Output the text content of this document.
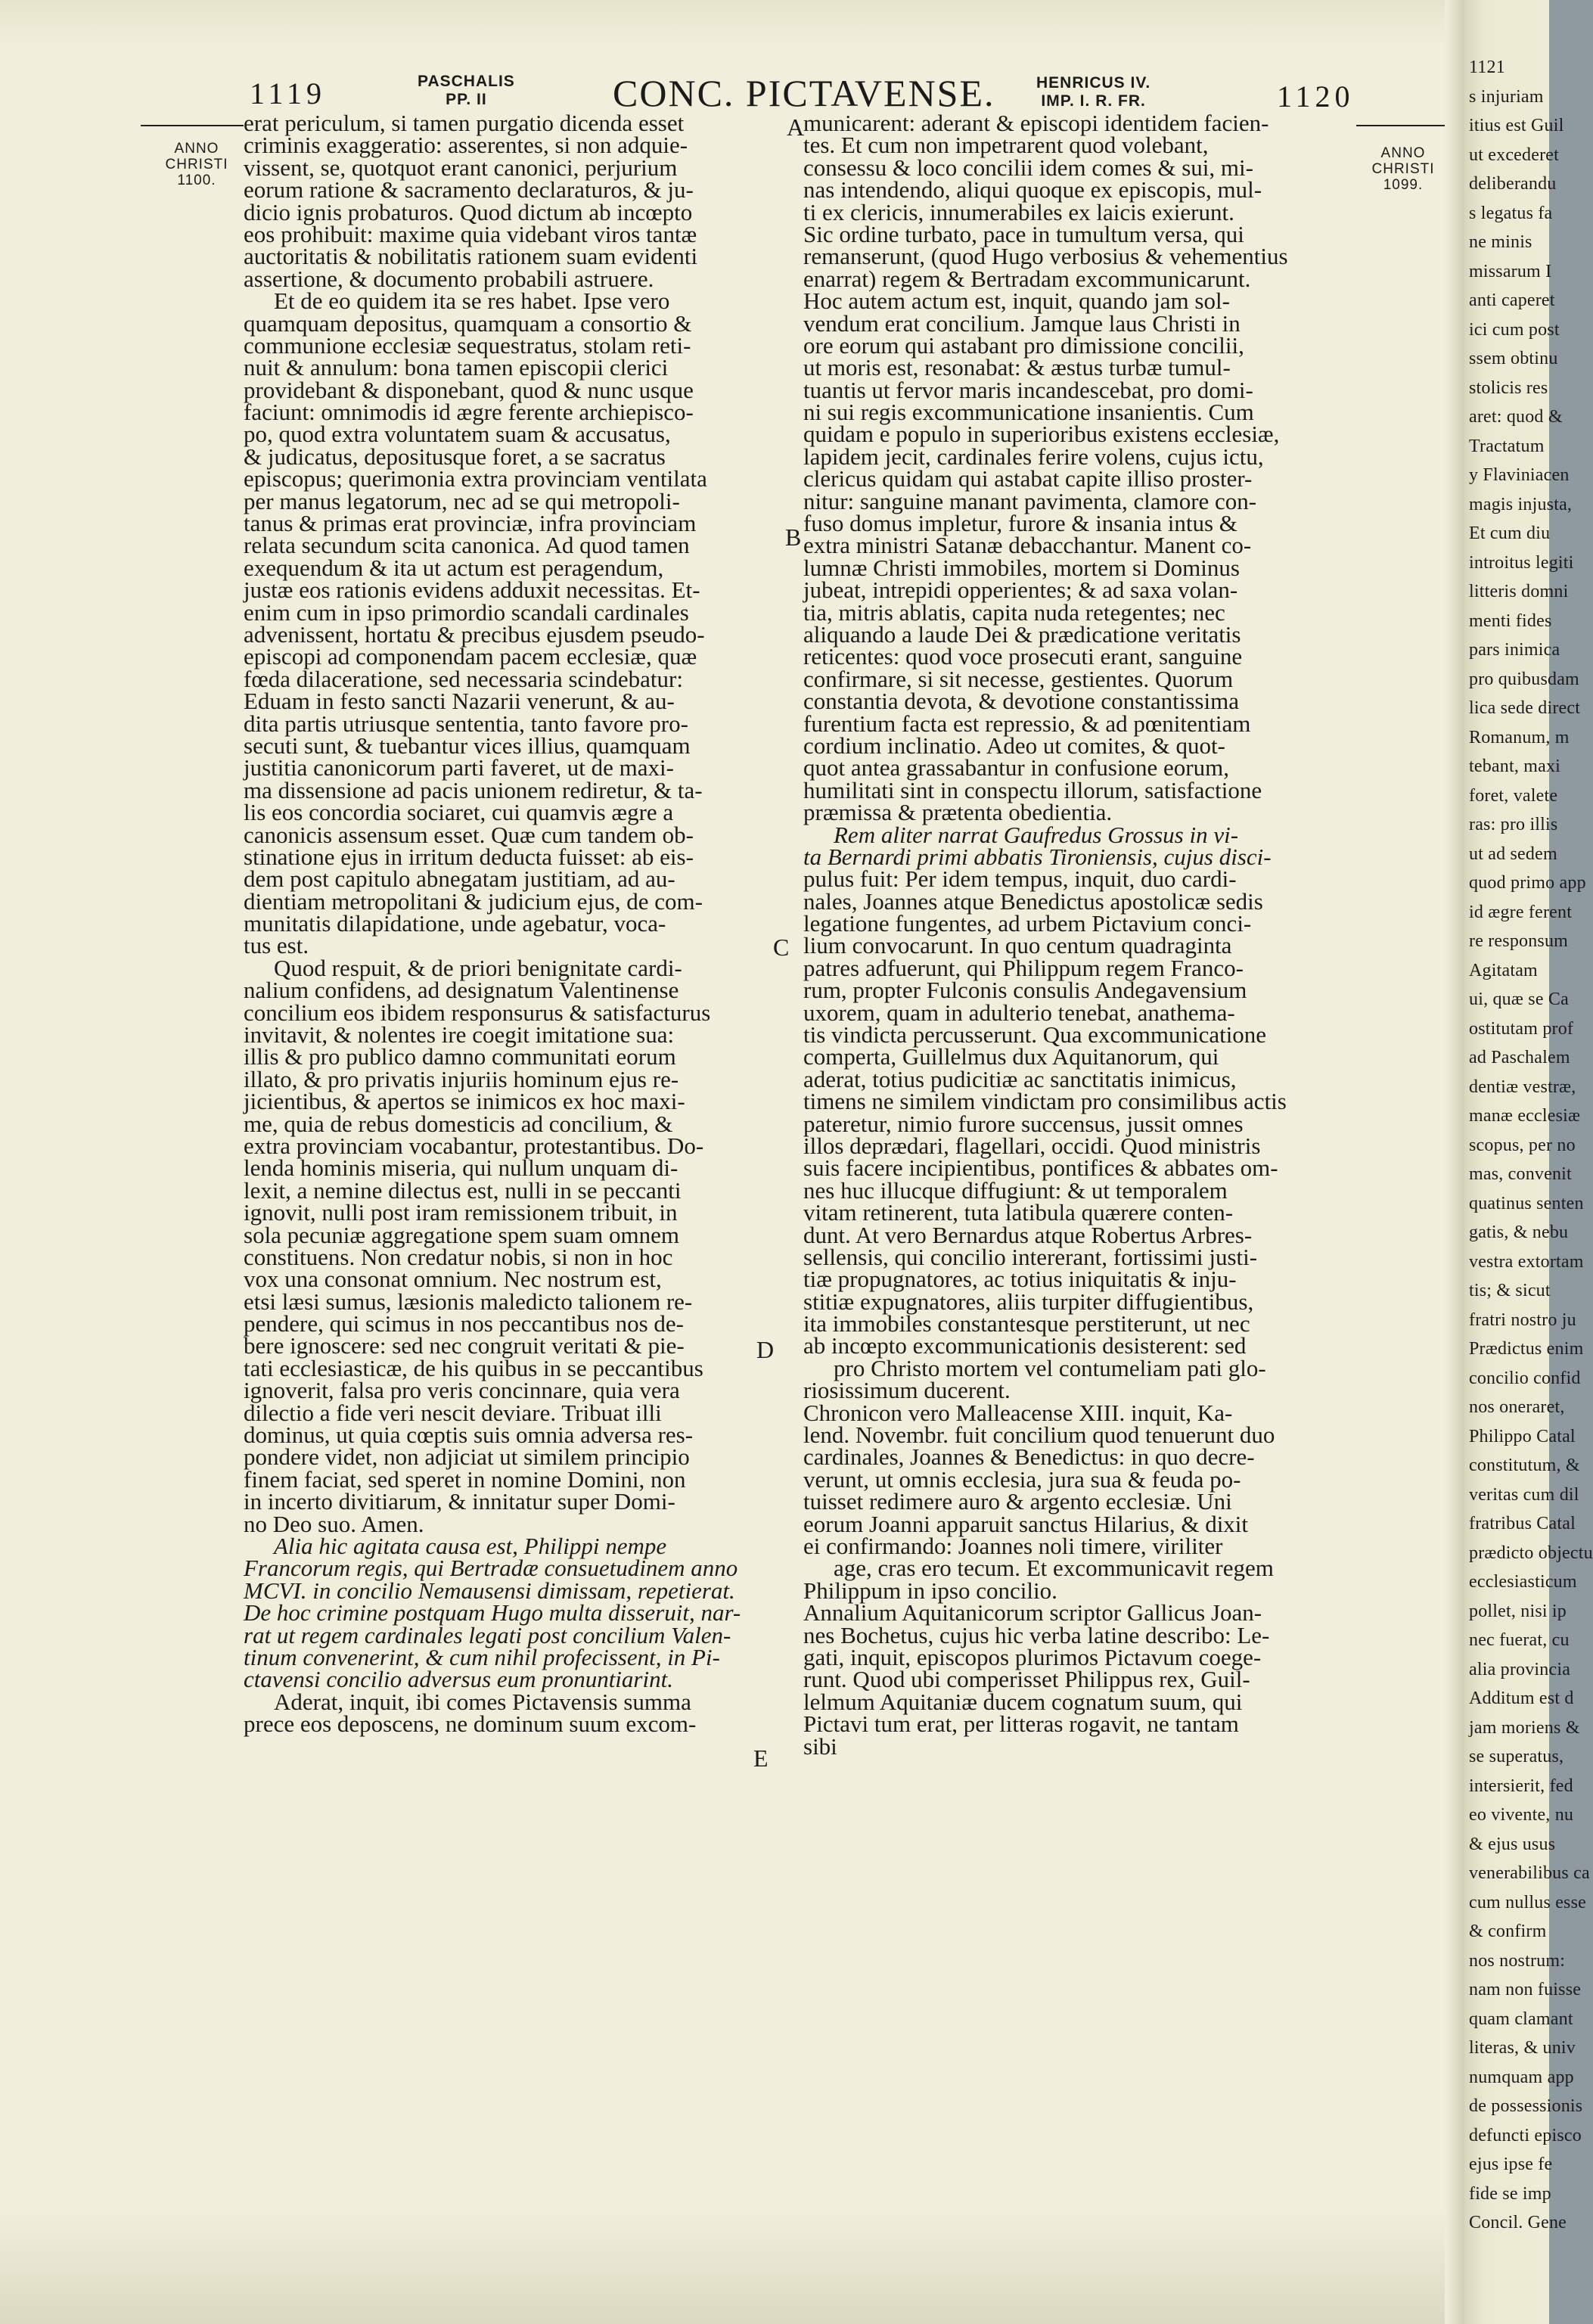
1119	PASCHALIS
PP. II	CONC. PICTAVENSE.	HENRICUS IV.
IMP. I. R. FR.	1120
ANNO
CHRISTI
1100.
ANNO
CHRISTI
1099.
A
B
C
D
E
erat periculum, si tamen purgatio dicenda esset
criminis exaggeratio: asserentes, si non adquie-
vissent, se, quotquot erant canonici, perjurium
eorum ratione & sacramento declaraturos, & ju-
dicio ignis probaturos. Quod dictum ab incœpto
eos prohibuit: maxime quia videbant viros tantæ
auctoritatis & nobilitatis rationem suam evidenti
assertione, & documento probabili astruere.
Et de eo quidem ita se res habet. Ipse vero
quamquam depositus, quamquam a consortio &
communione ecclesiæ sequestratus, stolam reti-
nuit & annulum: bona tamen episcopii clerici
providebant & disponebant, quod & nunc usque
faciunt: omnimodis id ægre ferente archiepisco-
po, quod extra voluntatem suam & accusatus,
& judicatus, depositusque foret, a se sacratus
episcopus; querimonia extra provinciam ventilata
per manus legatorum, nec ad se qui metropoli-
tanus & primas erat provinciæ, infra provinciam
relata secundum scita canonica. Ad quod tamen
exequendum & ita ut actum est peragendum,
justæ eos rationis evidens adduxit necessitas. Et-
enim cum in ipso primordio scandali cardinales
advenissent, hortatu & precibus ejusdem pseudo-
episcopi ad componendam pacem ecclesiæ, quæ
fœda dilaceratione, sed necessaria scindebatur:
Eduam in festo sancti Nazarii venerunt, & au-
dita partis utriusque sententia, tanto favore pro-
secuti sunt, & tuebantur vices illius, quamquam
justitia canonicorum parti faveret, ut de maxi-
ma dissensione ad pacis unionem rediretur, & ta-
lis eos concordia sociaret, cui quamvis ægre a
canonicis assensum esset. Quæ cum tandem ob-
stinatione ejus in irritum deducta fuisset: ab eis-
dem post capitulo abnegatam justitiam, ad au-
dientiam metropolitani & judicium ejus, de com-
munitatis dilapidatione, unde agebatur, voca-
tus est.
Quod respuit, & de priori benignitate cardi-
nalium confidens, ad designatum Valentinense
concilium eos ibidem responsurus & satisfacturus
invitavit, & nolentes ire coegit imitatione sua:
illis & pro publico damno communitati eorum
illato, & pro privatis injuriis hominum ejus re-
jicientibus, & apertos se inimicos ex hoc maxi-
me, quia de rebus domesticis ad concilium, &
extra provinciam vocabantur, protestantibus. Do-
lenda hominis miseria, qui nullum unquam di-
lexit, a nemine dilectus est, nulli in se peccanti
ignovit, nulli post iram remissionem tribuit, in
sola pecuniæ aggregatione spem suam omnem
constituens. Non credatur nobis, si non in hoc
vox una consonat omnium. Nec nostrum est,
etsi læsi sumus, læsionis maledicto talionem re-
pendere, qui scimus in nos peccantibus nos de-
bere ignoscere: sed nec congruit veritati & pie-
tati ecclesiasticæ, de his quibus in se peccantibus
ignoverit, falsa pro veris concinnare, quia vera
dilectio a fide veri nescit deviare. Tribuat illi
dominus, ut quia cœptis suis omnia adversa res-
pondere videt, non adjiciat ut similem principio
finem faciat, sed speret in nomine Domini, non
in incerto divitiarum, & innitatur super Domi-
no Deo suo. Amen.
Alia hic agitata causa est, Philippi nempe
Francorum regis, qui Bertradæ consuetudinem anno
MCVI. in concilio Nemausensi dimissam, repetierat.
De hoc crimine postquam Hugo multa disseruit, nar-
rat ut regem cardinales legati post concilium Valen-
tinum convenerint, & cum nihil profecissent, in Pi-
ctavensi concilio adversus eum pronuntiarint.
Aderat, inquit, ibi comes Pictavensis summa
prece eos deposcens, ne dominum suum excom-
municarent: aderant & episcopi identidem facien-
tes. Et cum non impetrarent quod volebant,
consessu & loco concilii idem comes & sui, mi-
nas intendendo, aliqui quoque ex episcopis, mul-
ti ex clericis, innumerabiles ex laicis exierunt.
Sic ordine turbato, pace in tumultum versa, qui
remanserunt, (quod Hugo verbosius & vehementius
enarrat) regem & Bertradam excommunicarunt.
Hoc autem actum est, inquit, quando jam sol-
vendum erat concilium. Jamque laus Christi in
ore eorum qui astabant pro dimissione concilii,
ut moris est, resonabat: & æstus turbæ tumul-
tuantis ut fervor maris incandescebat, pro domi-
ni sui regis excommunicatione insanientis. Cum
quidam e populo in superioribus existens ecclesiæ,
lapidem jecit, cardinales ferire volens, cujus ictu,
clericus quidam qui astabat capite illiso proster-
nitur: sanguine manant pavimenta, clamore con-
fuso domus impletur, furore & insania intus &
extra ministri Satanæ debacchantur. Manent co-
lumnæ Christi immobiles, mortem si Dominus
jubeat, intrepidi opperientes; & ad saxa volan-
tia, mitris ablatis, capita nuda retegentes; nec
aliquando a laude Dei & prædicatione veritatis
reticentes: quod voce prosecuti erant, sanguine
confirmare, si sit necesse, gestientes. Quorum
constantia devota, & devotione constantissima
furentium facta est repressio, & ad pœnitentiam
cordium inclinatio. Adeo ut comites, & quot-
quot antea grassabantur in confusione eorum,
humilitati sint in conspectu illorum, satisfactione
præmissa & prætenta obedientia.
Rem aliter narrat Gaufredus Grossus in vi-
ta Bernardi primi abbatis Tironiensis, cujus disci-
pulus fuit: Per idem tempus, inquit, duo cardi-
nales, Joannes atque Benedictus apostolicæ sedis
legatione fungentes, ad urbem Pictavium conci-
lium convocarunt. In quo centum quadraginta
patres adfuerunt, qui Philippum regem Franco-
rum, propter Fulconis consulis Andegavensium
uxorem, quam in adulterio tenebat, anathema-
tis vindicta percusserunt. Qua excommunicatione
comperta, Guillelmus dux Aquitanorum, qui
aderat, totius pudicitiæ ac sanctitatis inimicus,
timens ne similem vindictam pro consimilibus actis
pateretur, nimio furore succensus, jussit omnes
illos deprædari, flagellari, occidi. Quod ministris
suis facere incipientibus, pontifices & abbates om-
nes huc illucque diffugiunt: & ut temporalem
vitam retinerent, tuta latibula quærere conten-
dunt. At vero Bernardus atque Robertus Arbres-
sellensis, qui concilio intererant, fortissimi justi-
tiæ propugnatores, ac totius iniquitatis & inju-
stitiæ expugnatores, aliis turpiter diffugientibus,
ita immobiles constantesque perstiterunt, ut nec
ab incœpto excommunicationis desisterent: sed
pro Christo mortem vel contumeliam pati glo-
riosissimum ducerent.
Chronicon vero Malleacense XIII. inquit, Ka-
lend. Novembr. fuit concilium quod tenuerunt duo
cardinales, Joannes & Benedictus: in quo decre-
verunt, ut omnis ecclesia, jura sua & feuda po-
tuisset redimere auro & argento ecclesiæ. Uni
eorum Joanni apparuit sanctus Hilarius, & dixit
ei confirmando: Joannes noli timere, viriliter
age, cras ero tecum. Et excommunicavit regem
Philippum in ipso concilio.
Annalium Aquitanicorum scriptor Gallicus Joan-
nes Bochetus, cujus hic verba latine describo: Le-
gati, inquit, episcopos plurimos Pictavum coege-
runt. Quod ubi comperisset Philippus rex, Guil-
lelmum Aquitaniæ ducem cognatum suum, qui
Pictavi tum erat, per litteras rogavit, ne tantam
sibi
1121
s injuriam
itius est Guil
ut excederet
deliberandu
s legatus fa
ne minis
missarum I
anti caperet
ici cum post
ssem obtinu
stolicis res
aret: quod &
Tractatum
y Flaviniacen
magis injusta,
Et cum diu
introitus legiti
litteris domni
menti fides
pars inimica
pro quibusdam
lica sede direct
Romanum, m
tebant, maxi
foret, valete
ras: pro illis
ut ad sedem
quod primo app
id ægre ferent
re responsum
Agitatam
ui, quæ se Ca
ostitutam prof
ad Paschalem
dentiæ vestræ,
manæ ecclesiæ
scopus, per no
mas, convenit
quatinus senten
gatis, & nebu
vestra extortam
tis; & sicut
fratri nostro ju
Prædictus enim
concilio confid
nos oneraret,
Philippo Catal
constitutum, &
veritas cum dil
fratribus Catal
prædicto objectu
ecclesiasticum
pollet, nisi ip
nec fuerat, cu
alia provincia
Additum est d
jam moriens &
se superatus,
intersierit, fed
eo vivente, nu
& ejus usus
venerabilibus ca
cum nullus esse
& confirm
nos nostrum:
nam non fuisse
quam clamant
literas, & univ
numquam app
de possessionis
defuncti episco
ejus ipse fe
fide se imp
Concil. Gene
